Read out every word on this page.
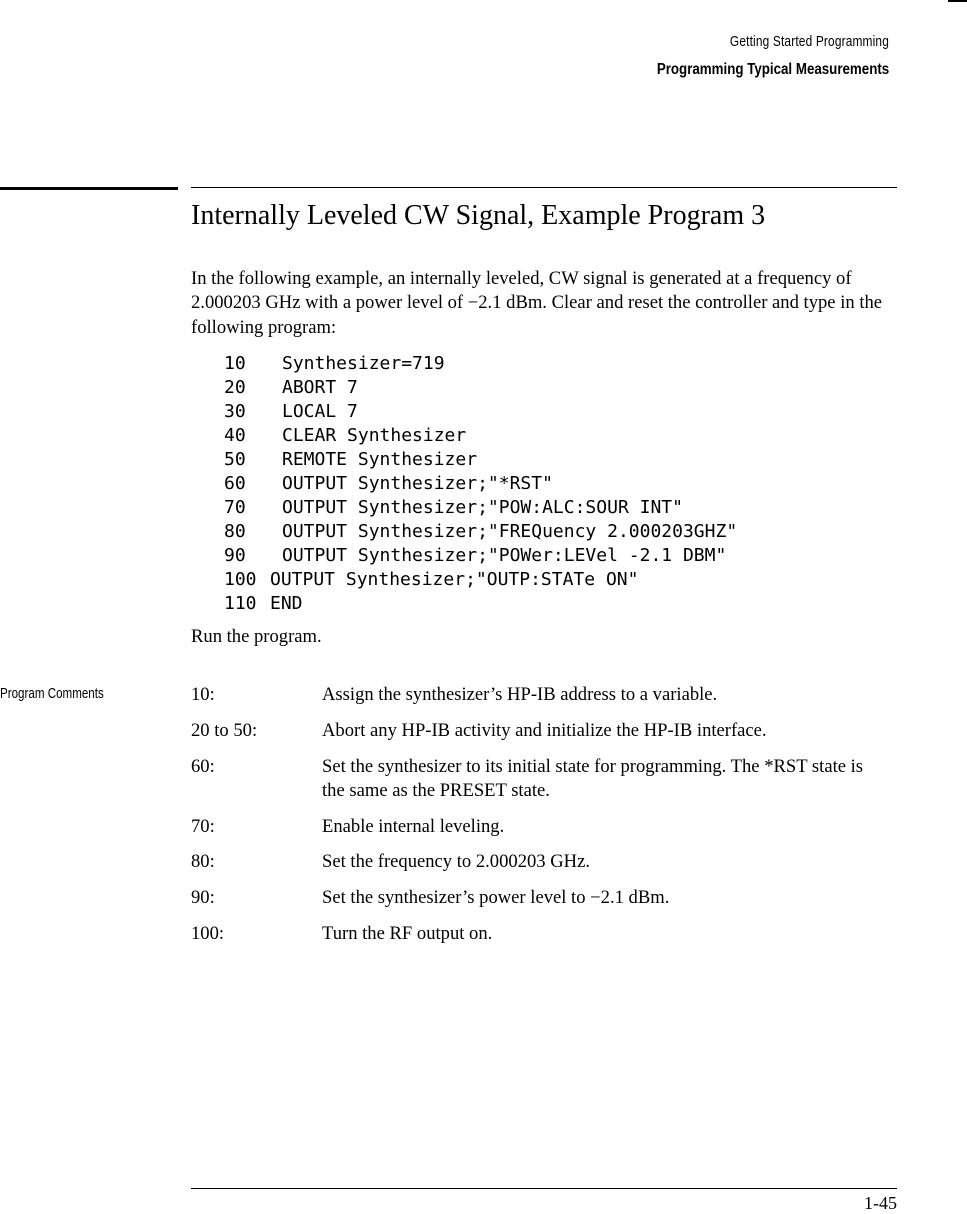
Getting Started Programming
Programming Typical Measurements
Internally Leveled CW Signal, Example Program 3

In the following example, an internally leveled, CW signal is generated at a frequency of 2.000203 GHz with a power level of −2.1 dBm. Clear and reset the controller and type in the following program:

10	Synthesizer=719
20	ABORT 7
30	LOCAL 7
40	CLEAR Synthesizer
50	REMOTE Synthesizer
60	OUTPUT Synthesizer;"*RST"
70	OUTPUT Synthesizer;"POW:ALC:SOUR INT"
80	OUTPUT Synthesizer;"FREQuency 2.000203GHZ"
90	OUTPUT Synthesizer;"POWer:LEVel -2.1 DBM"
100 OUTPUT Synthesizer;"OUTP:STATe ON"
110 END
Run the program.
Program Comments	10:	Assign the synthesizer’s HP-IB address to a variable.
20 to 50:	Abort any HP-IB activity and initialize the HP-IB interface.
60:	Set the synthesizer to its initial state for programming. The *RST state is the same as the PRESET state.
70:	Enable internal leveling.
80:	Set the frequency to 2.000203 GHz.
90:	Set the synthesizer’s power level to −2.1 dBm.
100:	Turn the RF output on.
1-45
